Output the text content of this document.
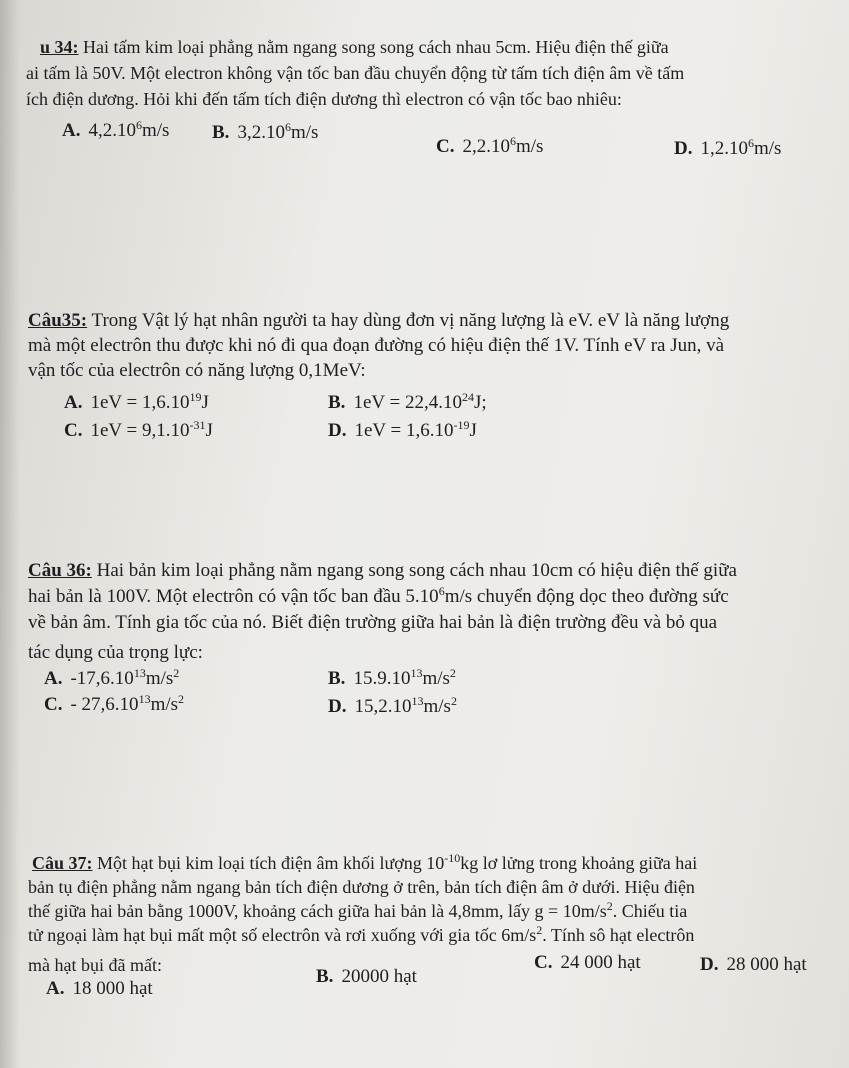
u 34: Hai tấm kim loại phẳng nằm ngang song song cách nhau 5cm. Hiệu điện thế giữa
ai tấm là 50V. Một electron không vận tốc ban đầu chuyển động từ tấm tích điện âm về tấm
ích điện dương. Hỏi khi đến tấm tích điện dương thì electron có vận tốc bao nhiêu:
A. 4,2.10$^6$m/s B. 3,2.10$^6$m/s
C. 2,2.10$^6$m/s	D. 1,2.10$^6$m/s
Câu35: Trong Vật lý hạt nhân người ta hay dùng đơn vị năng lượng là eV. eV là năng lượng
mà một electrôn thu được khi nó đi qua đoạn đường có hiệu điện thế 1V. Tính eV ra Jun, và
vận tốc của electrôn có năng lượng 0,1MeV:
A. $1eV = 1,6.10^{19}J$	B. $1eV = 22,4.10^{24}J$;
C. $1eV = 9,1.10^{-31}J$	D. $1eV = 1,6.10^{-19}J$
Câu 36: Hai bản kim loại phẳng nằm ngang song song cách nhau 10cm có hiệu điện thế giữa
hai bản là 100V. Một electrôn có vận tốc ban đầu 5.10$^6$m/s chuyển động dọc theo đường sức
về bản âm. Tính gia tốc của nó. Biết điện trường giữa hai bản là điện trường đều và bỏ qua
tác dụng của trọng lực:
A. $-17,6.10^{13}m/s^2$	B. $15.9.10^{13}m/s^2$
C. - $27,6.10^{13}m/s^2$	D. $15,2.10^{13}m/s^2$
Câu 37: Một hạt bụi kim loại tích điện âm khối lượng $10^{-10}kg$ lơ lửng trong khoảng giữa hai
bản tụ điện phẳng nằm ngang bản tích điện dương ở trên, bản tích điện âm ở dưới. Hiệu điện
thế giữa hai bản bằng 1000V, khoảng cách giữa hai bản là 4,8mm, lấy $g = 10m/s^2$. Chiếu tia
tử ngoại làm hạt bụi mất một số electrôn và rơi xuống với gia tốc $6m/s^2$. Tính sô hạt electrôn
mà hạt bụi đã mất:
A. 18 000 hạt
B. 20000 hạt
C. 24 000 hạt	D. 28 000 hạt
